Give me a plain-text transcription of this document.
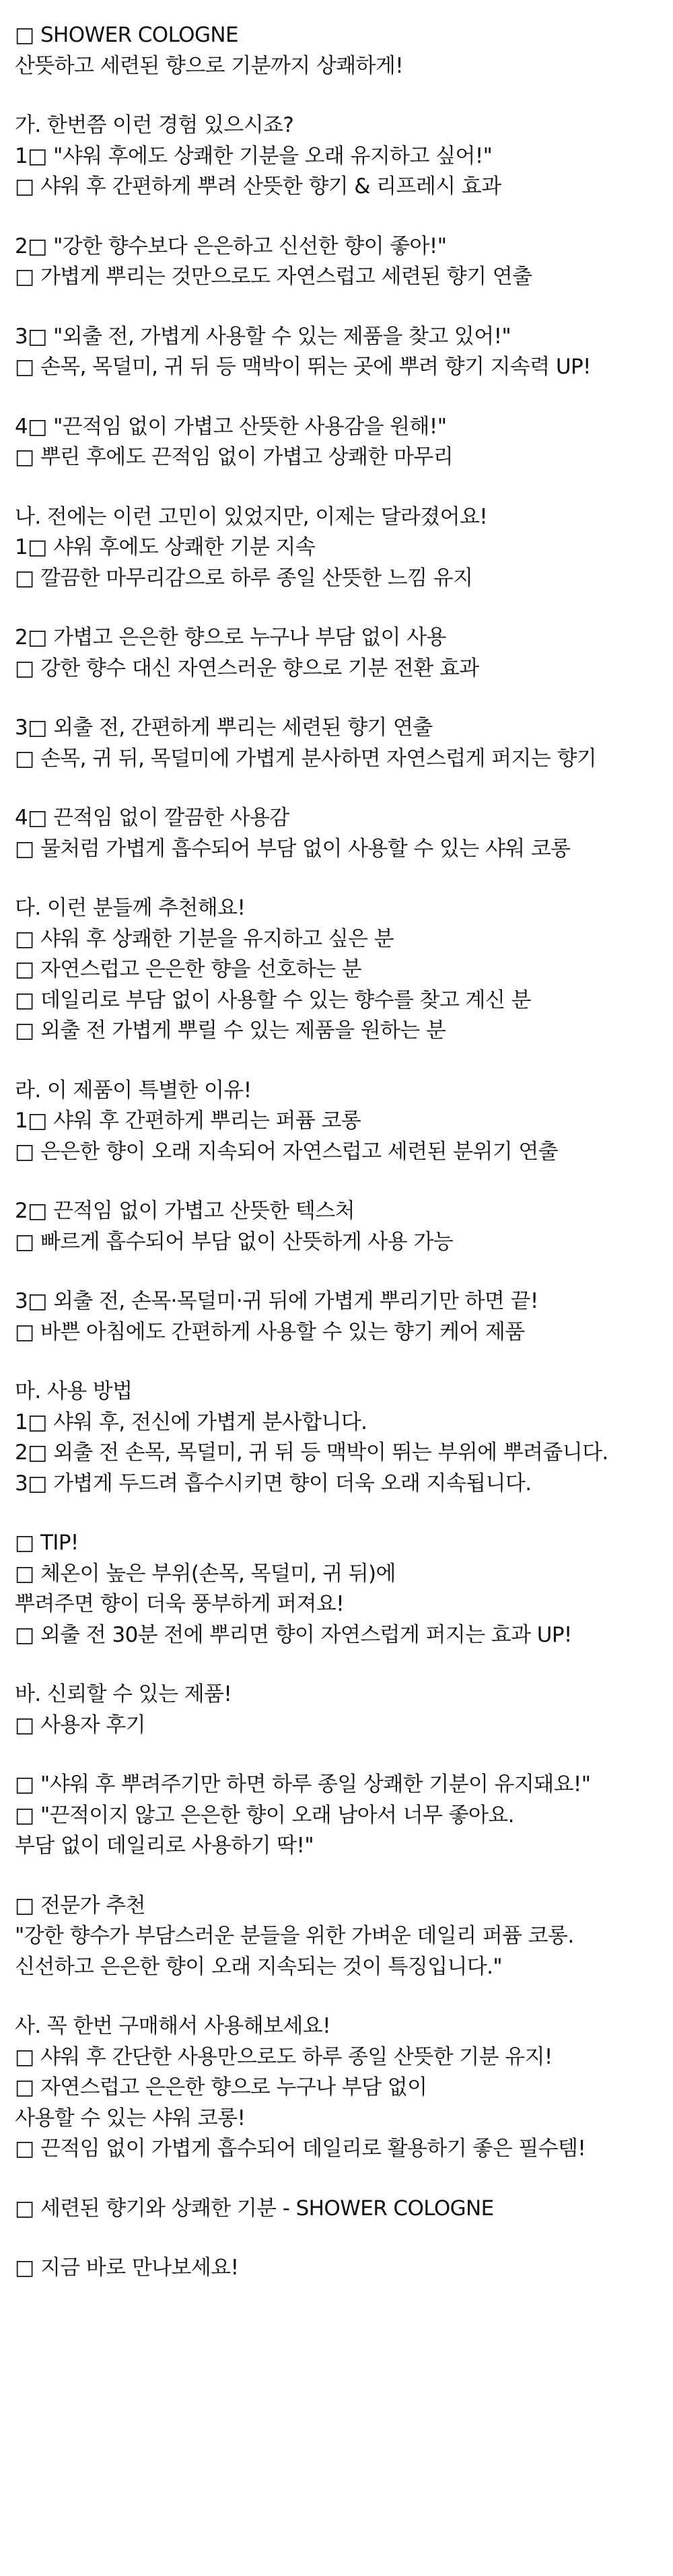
□ SHOWER COLOGNE
산뜻하고 세련된 향으로 기분까지 상쾌하게!
가. 한번쯤 이런 경험 있으시죠?
1□ "샤워 후에도 상쾌한 기분을 오래 유지하고 싶어!"
□ 샤워 후 간편하게 뿌려 산뜻한 향기 & 리프레시 효과
2□ "강한 향수보다 은은하고 신선한 향이 좋아!"
□ 가볍게 뿌리는 것만으로도 자연스럽고 세련된 향기 연출
3□ "외출 전, 가볍게 사용할 수 있는 제품을 찾고 있어!"
□ 손목, 목덜미, 귀 뒤 등 맥박이 뛰는 곳에 뿌려 향기 지속력 UP!
4□ "끈적임 없이 가볍고 산뜻한 사용감을 원해!"
□ 뿌린 후에도 끈적임 없이 가볍고 상쾌한 마무리
나. 전에는 이런 고민이 있었지만, 이제는 달라졌어요!
1□ 샤워 후에도 상쾌한 기분 지속
□ 깔끔한 마무리감으로 하루 종일 산뜻한 느낌 유지
2□ 가볍고 은은한 향으로 누구나 부담 없이 사용
□ 강한 향수 대신 자연스러운 향으로 기분 전환 효과
3□ 외출 전, 간편하게 뿌리는 세련된 향기 연출
□ 손목, 귀 뒤, 목덜미에 가볍게 분사하면 자연스럽게 퍼지는 향기
4□ 끈적임 없이 깔끔한 사용감
□ 물처럼 가볍게 흡수되어 부담 없이 사용할 수 있는 샤워 코롱
다. 이런 분들께 추천해요!
□ 샤워 후 상쾌한 기분을 유지하고 싶은 분
□ 자연스럽고 은은한 향을 선호하는 분
□ 데일리로 부담 없이 사용할 수 있는 향수를 찾고 계신 분
□ 외출 전 가볍게 뿌릴 수 있는 제품을 원하는 분
라. 이 제품이 특별한 이유!
1□ 샤워 후 간편하게 뿌리는 퍼퓸 코롱
□ 은은한 향이 오래 지속되어 자연스럽고 세련된 분위기 연출
2□ 끈적임 없이 가볍고 산뜻한 텍스처
□ 빠르게 흡수되어 부담 없이 산뜻하게 사용 가능
3□ 외출 전, 손목·목덜미·귀 뒤에 가볍게 뿌리기만 하면 끝!
□ 바쁜 아침에도 간편하게 사용할 수 있는 향기 케어 제품
마. 사용 방법
1□ 샤워 후, 전신에 가볍게 분사합니다.
2□ 외출 전 손목, 목덜미, 귀 뒤 등 맥박이 뛰는 부위에 뿌려줍니다.
3□ 가볍게 두드려 흡수시키면 향이 더욱 오래 지속됩니다.
□ TIP!
□ 체온이 높은 부위(손목, 목덜미, 귀 뒤)에
뿌려주면 향이 더욱 풍부하게 퍼져요!
□ 외출 전 30분 전에 뿌리면 향이 자연스럽게 퍼지는 효과 UP!
바. 신뢰할 수 있는 제품!
□ 사용자 후기
□ "샤워 후 뿌려주기만 하면 하루 종일 상쾌한 기분이 유지돼요!"
□ "끈적이지 않고 은은한 향이 오래 남아서 너무 좋아요.
부담 없이 데일리로 사용하기 딱!"
□ 전문가 추천
"강한 향수가 부담스러운 분들을 위한 가벼운 데일리 퍼퓸 코롱.
신선하고 은은한 향이 오래 지속되는 것이 특징입니다."
사. 꼭 한번 구매해서 사용해보세요!
□ 샤워 후 간단한 사용만으로도 하루 종일 산뜻한 기분 유지!
□ 자연스럽고 은은한 향으로 누구나 부담 없이
사용할 수 있는 샤워 코롱!
□ 끈적임 없이 가볍게 흡수되어 데일리로 활용하기 좋은 필수템!
□ 세련된 향기와 상쾌한 기분 - SHOWER COLOGNE
□ 지금 바로 만나보세요!
